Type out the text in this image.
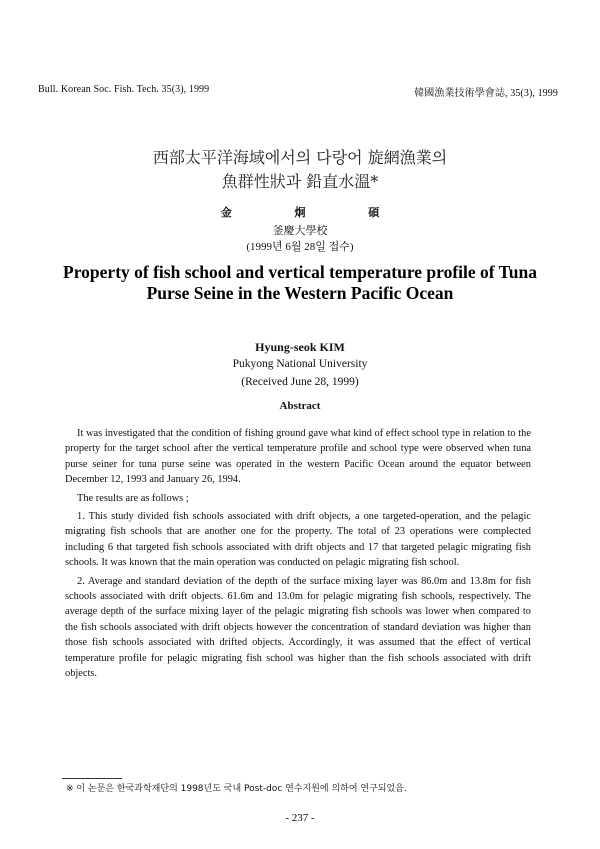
Bull. Korean Soc. Fish. Tech. 35(3), 1999	韓國漁業技術學會誌, 35(3), 1999
西部太平洋海域에서의 다랑어 旋網漁業의
魚群性狀과 鉛直水溫*
金 炯 碩
釜慶大學校
(1999년 6월 28일 접수)
Property of fish school and vertical temperature profile of Tuna Purse Seine in the Western Pacific Ocean
Hyung-seok KIM
Pukyong National University
(Received June 28, 1999)
Abstract

It was investigated that the condition of fishing ground gave what kind of effect school type in relation to the property for the target school after the vertical temperature profile and school type were observed when tuna purse seiner for tuna purse seine was operated in the western Pacific Ocean around the equator between December 12, 1993 and January 26, 1994.

The results are as follows ;

1. This study divided fish schools associated with drift objects, a one targeted-operation, and the pelagic migrating fish schools that are another one for the property. The total of 23 operations were complected including 6 that targeted fish schools associated with drift objects and 17 that targeted pelagic migrating fish schools. It was known that the main operation was conducted on pelagic migrating fish school.

2. Average and standard deviation of the depth of the surface mixing layer was 86.0m and 13.8m for fish schools associated with drift objects. 61.6m and 13.0m for pelagic migrating fish schools, respectively. The average depth of the surface mixing layer of the pelagic migrating fish schools was lower when compared to the fish schools associated with drift objects however the concentration of standard deviation was higher than those fish schools associated with drifted objects. Accordingly, it was assumed that the effect of vertical temperature profile for pelagic migrating fish school was higher than the fish schools associated with drift objects.

※ 이 논문은 한국과학재단의 1998년도 국내 Post-doc 연수지원에 의하여 연구되었음.
- 237 -
